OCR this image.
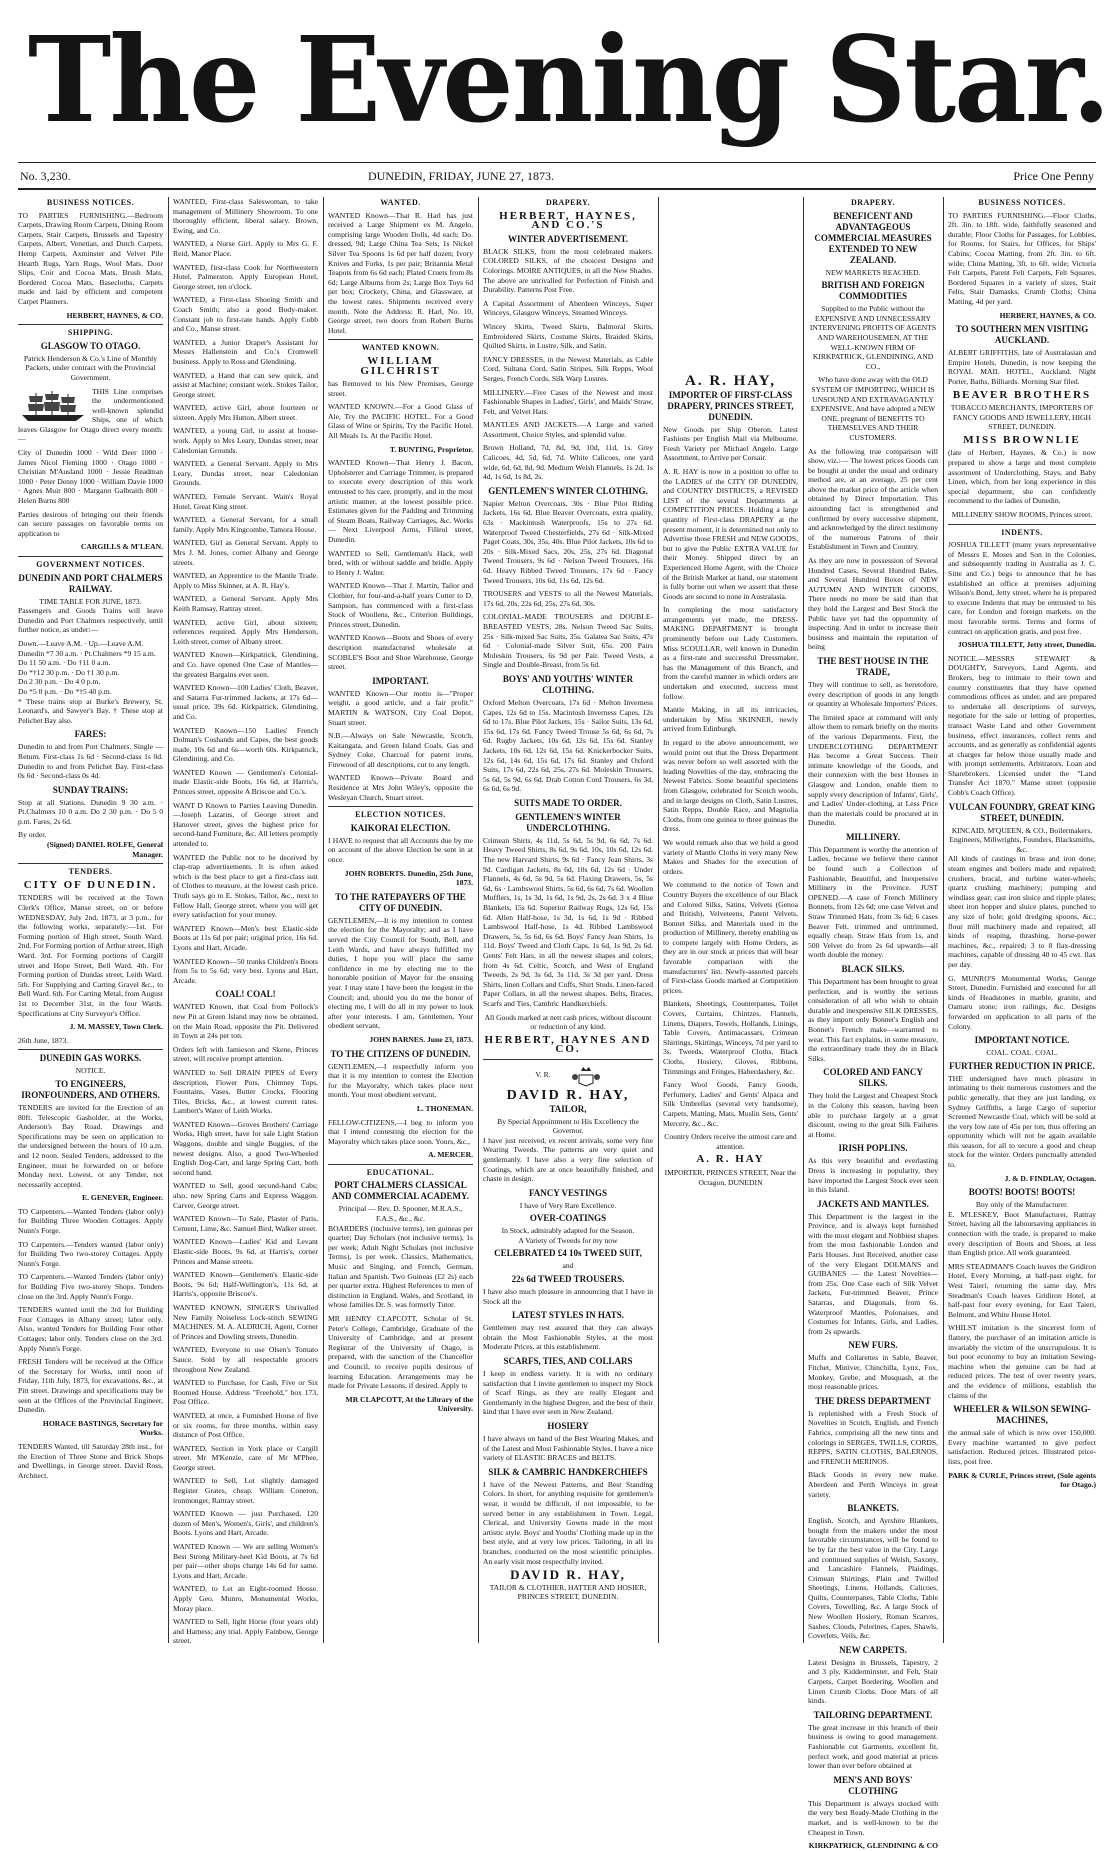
The Evening Star.
No. 3,230.	DUNEDIN, FRIDAY, JUNE 27, 1873.	Price One Penny
BUSINESS NOTICES.

TO PARTIES FURNISHING.—Bedroom Carpets, Drawing Room Carpets, Dining Room Carpets, Stair Carpets, Brussels and Tapestry Carpets, Albert, Venetian, and Dutch Carpets, Hemp Carpets, Axminster and Velvet Pile Hearth Rugs, Yarn Rugs, Wool Mats, Door Slips, Coir and Cocoa Mats, Brush Mats, Bordered Cocoa Mats, Basecloths, Carpets made and laid by efficient and competent Carpet Planners.

HERBERT, HAYNES, & CO.
SHIPPING.
GLASGOW TO OTAGO.

Patrick Henderson & Co.'s Line of Monthly Packets, under contract with the Provincial Government.

THIS Line comprises the undermentioned well-known splendid Ships, one of which leaves Glasgow for Otago direct every month:—

City of Dunedin 1000 · Wild Deer 1000 · James Nicol Fleming 1000 · Otago 1000 · Christian M'Ausland 1000 · Jessie Readman 1000 · Peter Denny 1000 · William Davie 1000 · Agnes Muir 800 · Margaret Galbraith 800 · Helen Burns 800

Parties desirous of bringing out their friends can secure passages on favorable terms on application to

CARGILLS & M'LEAN.
GOVERNMENT NOTICES.
DUNEDIN AND PORT CHALMERS RAILWAY.
TIME TABLE FOR JUNE, 1873.

Passengers and Goods Trains will leave Dunedin and Port Chalmers respectively, until further notice, as under:—

Down.—Leave A.M. · Up.—Leave A.M.

Dunedin *7 30 a.m. · Pt.Chalmers *9 15 a.m.

Do 11 50 a.m. · Do †11 0 a.m.

Do *†12 30 p.m. · Do †1 30 p.m.

Do 2 30 p.m. · Do 4 0 p.m.

Do *5 0 p.m. · Do *†5 40 p.m.

* These trains stop at Burke's Brewery, St. Leonard's, and Sawyer's Bay. † These stop at Pelichet Bay also.

FARES:

Dunedin to and from Port Chalmers. Single — Return. First-class 1s 6d · Second-class 1s 0d. Dunedin to and from Pelichet Bay. First-class 0s 6d · Second-class 0s 4d.

SUNDAY TRAINS:

Stop at all Stations. Dunedin 9 30 a.m. · Pt.Chalmers 10 0 a.m. Do 2 30 p.m. · Do 5 0 p.m. Fares, 2s 6d.

By order.
(Signed) DANIEL ROLFE, General Manager.
TENDERS.
CITY OF DUNEDIN.

TENDERS will be received at the Town Clerk's Office, Manse street, on or before WEDNESDAY, July 2nd, 1873, at 3 p.m., for the following works, separately:—1st. For Forming portion of High street, South Ward. 2nd. For Forming portion of Arthur street, High Ward. 3rd. For Forming portions of Cargill street and Hope Street, Bell Ward. 4th. For Forming portion of Dundas street, Leith Ward. 5th. For Supplying and Carting Gravel &c., to Bell Ward. 6th. For Carting Metal, from August 1st to December 31st, in the four Wards. Specifications at City Surveyor's Office.

J. M. MASSEY, Town Clerk.
26th June, 1873.
DUNEDIN GAS WORKS.
NOTICE.
TO ENGINEERS, IRONFOUNDERS, AND OTHERS.

TENDERS are invited for the Erection of an 80ft. Telescopic Gasholder, at the Works, Anderson's Bay Road. Drawings and Specifications may be seen on application to the undersigned between the hours of 10 a.m. and 12 noon. Sealed Tenders, addressed to the Engineer, must be forwarded on or before Monday next. Lowest, or any Tender, not necessarily accepted.

E. GENEVER, Engineer.

TO Carpenters.—Wanted Tenders (labor only) for Building Three Wooden Cottages. Apply Nunn's Forge.

TO Carpenters.—Tenders wanted (labor only) for Building Two two-storey Cottages. Apply Nunn's Forge.

TO Carpenters.—Wanted Tenders (labor only) for Building Five two-storey Shops. Tenders close on the 3rd. Apply Nunn's Forge.

TENDERS wanted until the 3rd for Building Four Cottages in Albany street; labor only. Also, wanted Tenders for Building Four other Cottages; labor only. Tenders close on the 3rd. Apply Nunn's Forge.

FRESH Tenders will be received at the Office of the Secretary for Works, until noon of Friday, 11th July, 1873, for excavations, &c., at Pitt street. Drawings and specifications may be seen at the Offices of the Provincial Engineer, Dunedin.

HORACE BASTINGS, Secretary for Works.

TENDERS Wanted, till Saturday 28th inst., for the Erection of Three Stone and Brick Shops and Dwellings, in George street. David Ross, Architect.

WANTED, First-class Saleswoman, to take management of Millinery Showroom. To one thoroughly efficient, liberal salary. Brown, Ewing, and Co.

WANTED, a Nurse Girl. Apply to Mrs G. F. Reid, Manor Place.

WANTED, first-class Cook for Northwestern Hotel, Palmerston. Apply European Hotel, George street, ten o'clock.

WANTED, a First-class Shoeing Smith and Coach Smith; also a good Body-maker. Constant job to first-rate hands. Apply Cobb and Co., Manse street.

WANTED, a Junior Draper's Assistant for Messrs Hallenstein and Co.'s Cromwell business. Apply to Ross and Glendining.

WANTED, a Hand that can sew quick, and assist at Machine; constant work. Stokes Tailor, George street.

WANTED, active Girl, about fourteen or sixteen. Apply Mrs Hutton, Albert street.

WANTED, a young Girl, to assist at house-work. Apply to Mrs Leary, Dundas street, near Caledonian Grounds.

WANTED, a General Servant. Apply to Mrs Leary, Dundas street, near Caledonian Grounds.

WANTED, Female Servant. Wain's Royal Hotel, Great King street.

WANTED, a General Servant, for a small family. Apply Mrs Kingcombe, Tamora House.

WANTED, Girl as General Servant. Apply to Mrs J. M. Jones, corner Albany and George streets.

WANTED, an Apprentice to the Mantle Trade. Apply to Miss Skinner, at A. R. Hay's.

WANTED, a General Servant. Apply Mrs Keith Ramsay, Rattray street.

WANTED, active Girl, about sixteen; references required. Apply Mrs Henderson, Leith street, corner of Albany street.

WANTED Known—Kirkpatrick, Glendining, and Co. have opened One Case of Mantles—the greatest Bargains ever seen.

WANTED Known—100 Ladies' Cloth, Beaver, and Satarra Fur-trimmed Jackets, at 17s 6d—usual price, 39s 6d. Kirkpatrick, Glendining, and Co.

WANTED Known—150 Ladies' French Dolman's Coshands and Capes, the best goods made, 10s 6d and 6s—worth 60s. Kirkpatrick, Glendining, and Co.

WANTED Known — Gentlemen's Celonial-made Elastic-side Boots, 16s 6d, at Harris's, Princes street, opposite A Briscoe and Co.'s.

WANT D Known to Parties Leaving Dunedin.—Joseph Lazarus, of George street and Hanover street, gives the highest price for second-hand Furniture, &c. All letters promptly attended to.

WANTED the Public not to be deceived by clap-trap advertisements. It is often asked which is the best place to get a first-class suit of Clothes to measure, at the lowest cash price. Truth says go to E. Stokes, Tailor, &c., next to Fellow Hall, George street, where you will get every satisfaction for your money.

WANTED Known—Men's best Elastic-side Boots at 11s 6d per pair; original price, 16s 6d. Lyons and Hart, Arcade.

WANTED Known—50 trunks Children's Boots from 5s to 5s 6d; very best. Lyons and Hart, Arcade.

COAL! COAL!

WANTED Known, that Coal from Pollock's new Pit at Green Island may now be obtained, on the Main Road, opposite the Pit. Delivered in Town at 24s per ton.

Orders left with Jamieson and Skene, Princes street, will receive prompt attention.

WANTED to Sell DRAIN PIPES of Every description, Flower Pots, Chimney Tops, Fountains, Vases, Butter Crocks, Flooring Tiles, Bricks, &c., at lowest current rates. Lambert's Water of Leith Works.

WANTED Known—Groves Brothers' Carriage Works, High street, have for sale Light Station Waggons, double and single Buggies, of the newest designs. Also, a good Two-Wheeled English Dog-Cart, and large Spring Cart, both second hand.

WANTED to Sell, good second-hand Cabs; also, new Spring Carts and Express Waggon. Carver, George street.

WANTED Known—To Sale, Plaster of Paris, Cement, Lime, &c. Samuel Bird, Walker street.

WANTED Known—Ladies' Kid and Levant Elastic-side Boots, 9s 6d, at Harris's, corner Princes and Manse streets.

WANTED Known—Gentlemen's Elastic-side Boots, 9s 6d; Half-Wellington's, 11s 6d, at Harris's, opposite Briscoe's.

WANTED KNOWN, SINGER'S Unrivalled New Family Noiseless Lock-stitch SEWING MACHINES. M. A. ALDRICH, Agent, Corner of Princes and Dowling streets, Dunedin.

WANTED, Everyone to use Olsen's Tomato Sauce. Sold by all respectable grocers throughout New Zealand.

WANTED to Purchase, for Cash, Five or Six Roomed House. Address "Freehold," box 173, Post Office.

WANTED, at once, a Furnished House of five or six rooms, for three months, within easy distance of Post Office.

WANTED, Section in York place or Cargill street. Mr M'Kenzie, care of Mr M'Phee, George street.

WANTED to Sell, Lot slightly damaged Register Grates, cheap. William Coneton, ironmonger, Rattray street.

WANTED Known — just Purchased, 120 dozen of Men's, Women's, Girls', and children's Boots. Lyons and Hart, Arcade.

WANTED Known — We are selling Women's Best Strong Military-heel Kid Boots, at 7s 6d per pair—other shops charge 14s 6d for same. Lyons and Hart, Arcade.

WANTED, to Let an Eight-roomed House. Apply Geo. Munro, Monumental Works, Moray place.

WANTED to Sell, light Horse (four years old) and Harness; any trial. Apply Fainbow, George street.

WANTED.

WANTED Known—That R. Harl has just received a Large Shipment ex M. Angelo, comprising large Wooden Dolls, 4d each; Do. dressed, 9d; Large China Tea Sets, 1s Nickel Silver Tea Spoons 1s 6d per half dozen; Ivory Knives and Forks, 1s per pair; Britannia Metal Teapots from 6s 6d each; Plated Cruets from 8s 6d; Large Albums from 2s; Large Box Toys 6d per box; Crockery, China, and Glassware, at the lowest rates. Shipments received every month. Note the Address: R. Harl, No. 10, George street, two doors from Robert Burns Hotel.

WANTED KNOWN.
WILLIAM GILCHRIST

has Removed to his New Premises, George street.

WANTED KNOWN.—For a Good Glass of Ale, Try the PACIFIC HOTEL. For a Good Glass of Wine or Spirits, Try the Pacific Hotel. All Meals 1s. At the Pacific Hotel.

T. BUNTING, Proprietor.

WANTED Known—That Henry J. Bacon, Upholsterer and Carriage Trimmer, is prepared to execute every description of this work entrusted to his care, promptly, and in the most artistic manner, at the lowest possible price. Estimates given for the Padding and Trimming of Steam Boats, Railway Carriages, &c. Works — Next Liverpool Arms, Filleul street, Dunedin.

WANTED to Sell, Gentleman's Hack, well bred, with or without saddle and bridle. Apply to Henry J. Walter.

WANTED Known—That J. Martin, Tailor and Clothier, for four-and-a-half years Cutter to D. Sampson, has commenced with a first-class Stock of Woollens, &c., Criterion Buildings, Princes street, Dunedin.

WANTED Known—Boots and Shoes of every description manufactured wholesale at SCOBLE'S Boot and Shoe Warehouse, George street.

IMPORTANT.

WANTED Known—Our motto is—"Proper weight, a good article, and a fair profit." MARTIN & WATSON, City Coal Depot, Stuart street.

N.B.—Always on Sale Newcastle, Scotch, Kaitangata, and Green Island Coals. Gas and Sydney Coke, Charcoal for patent irons, Firewood of all descriptions, cut to any length.

WANTED Known—Private Board and Residence at Mrs John Wiley's, opposite the Wesleyan Church, Stuart street.

ELECTION NOTICES.
KAIKORAI ELECTION.

I HAVE to request that all Accounts due by me on account of the above Election be sent in at once.

JOHN ROBERTS. Dunedin, 25th June, 1873.
TO THE RATEPAYERS OF THE CITY OF DUNEDIN.

GENTLEMEN,—It is my intention to contest the election for the Mayoralty; and as I have served the City Council for South, Bell, and Leith Wards, and have always fulfilled my duties, I hope you will place the same confidence in me by electing me to the honorable position of Mayor for the ensuing year. I may state I have been the longest in the Council; and, should you do me the honor of electing me, I will do all in my power to look after your interests. I am, Gentlemen, Your obedient servant,

JOHN BARNES. June 23, 1873.
TO THE CITIZENS OF DUNEDIN.

GENTLEMEN,—I respectfully inform you that it is my intention to contest the Election for the Mayoralty, which takes place next month. Your most obedient servant,

L. THONEMAN.

FELLOW-CITIZENS,—I beg to inform you that I intend contesting the election for the Mayoralty which takes place soon. Yours, &c.,

A. MERCER.
EDUCATIONAL.
PORT CHALMERS CLASSICAL AND COMMERCIAL ACADEMY.
Principal — Rev. D. Spooner, M.R.A.S., F.A.S., &c., &c.

BOARDERS (inclusive terms), ten guineas per quarter; Day Scholars (not inclusive terms), 1s per week; Adult Night Scholars (not inclusive Terms), 1s per week. Classics, Mathematics, Music and Singing, and French, German, Italian and Spanish. Two Guineas (£2 2s) each per quarter extra. Highest References to men of distinction in England, Wales, and Scotland, in whose families Dr. S. was formerly Tutor.

MR HENRY CLAPCOTT, Scholar of St. Peter's College, Cambridge, Graduate of the University of Cambridge, and at present Registrar of the University of Otago, is prepared, with the sanction of the Chancellor and Council, to receive pupils desirous of learning Education. Arrangements may be made for Private Lessons, if desired. Apply to

MR CLAPCOTT, At the Library of the University.
DRAPERY.
HERBERT, HAYNES, AND CO.'S
WINTER ADVERTISEMENT.

BLACK SILKS, from the most celebrated makers. COLORED SILKS, of the choicest Designs and Colorings. MOIRE ANTIQUES, in all the New Shades. The above are unrivalled for Perfection of Finish and Durability. Patterns Post Free.

A Capital Assortment of Aberdeen Winceys, Super Winceys, Glasgow Winceys, Steamed Winceys.

Wincey Skirts, Tweed Skirts, Balmoral Skirts, Embroidered Skirts, Costume Skirts, Braided Skirts, Quilted Skirts, in Lustre, Silk, and Satin.

FANCY DRESSES, in the Newest Materials, as Cable Cord, Sultana Cord, Satin Stripes, Silk Repps, Wool Serges, French Cords, Silk Warp Lustres.

MILLINERY.—Five Cases of the Newest and most Fashionable Shapes in Ladies', Girls', and Maids' Straw, Felt, and Velvet Hats.

MANTLES AND JACKETS.—A Large and varied Assortment, Choice Styles, and splendid value.

Brown Holland, 7d, 8d, 9d, 10d, 11d, 1s. Grey Calicoes, 4d, 5d, 6d, 7d. White Calicoes, one yard wide, 6d, 6d, 8d, 9d. Medium Welsh Flannels, 1s 2d, 1s 4d, 1s 6d, 1s 8d, 2s.

GENTLEMEN'S WINTER CLOTHING.

Napier Melton Overcoats, 30s · Blue Pilot Riding Jackets, 16s 6d. Blue Beaver Overcoats, extra quality, 63s · Mackintosh Waterproofs, 15s to 27s 6d. Waterproof Tweed Chesterfields, 27s 6d · Silk-Mixed Paget Coats, 30s, 35s, 40s. Blue Pilot Jackets, 10s 6d to 20s · Silk-Mixed Sacs, 20s, 25s, 27s 6d. Diagonal Tweed Trousers, 9s 6d · Nelson Tweed Trousers, 16s 6d. Heavy Ribbed Tweed Trousers, 17s 6d · Fancy Tweed Trousers, 10s 6d, 11s 6d, 12s 6d.

TROUSERS and VESTS to all the Newest Materials, 17s 6d, 20s, 22s 6d, 25s, 27s 6d, 30s.

COLONIAL-MADE TROUSERS and DOUBLE-BREASTED VESTS, 28s. Nelson Tweed Sac Suits, 25s · Silk-mixed Sac Suits, 35s. Galatea Sac Suits, 47s 6d · Colonial-made Silver Suit, 65s. 200 Pairs Moleskin Trousers, 6s 9d per Pair. Tweed Vests, a Single and Double-Breast, from 5s 6d.

BOYS' AND YOUTHS' WINTER CLOTHING.

Oxford Melton Overcoats, 17s 6d · Melton Inverness Capes, 12s 6d to 15s. Macintosh Inverness Capes, 12s 6d to 17s. Blue Pilot Jackets, 15s · Sailor Suits, 13s 6d, 15s 6d, 17s 6d. Fancy Tweed Trouse 5s 6d, 6s 6d, 7s 6d. Rugby Jackets, 10s 6d, 12s 6d, 15s 6d. Stanley Jackets, 10s 6d, 12s 6d, 15s 6d. Knickerbocker Suits, 12s 6d, 14s 6d, 15s 6d, 17s 6d. Stanley and Oxford Suits, 17s 6d, 22s 6d, 25s, 27s 6d. Moleskin Trousers, 5s 6d, 5s 9d, 6s 6d. Drab Cotton Cord Trousers, 6s 3d, 6s 6d, 6s 9d.

SUITS MADE TO ORDER.
GENTLEMEN'S WINTER UNDERCLOTHING.

Crimean Shirts, 4s 11d, 5s 6d, 5s 9d, 6s 6d, 7s 6d. Heavy Tweed Shirts, 8s 6d, 9s 6d, 10s, 10s 6d, 12s 6d. The new Harvard Shirts, 9s 6d · Fancy Jean Shirts, 3s 9d. Cardigan Jackets, 8s 6d, 10s 6d, 12s 6d · Under Flannels, 4s 6d, 5s 9d, 5s 6d. Flaxing Drawers, 5s, 5s 6d, 6s · Lambswool Shirts, 5s 6d, 6s 6d, 7s 6d. Woollen Mufflers, 1s, 1s 3d, 1s 6d, 1s 9d, 2s, 2s 6d. 3 x 4 Blue Blankets, 15s 6d. Superior Railway Rugs, 12s 6d, 15s 6d. Allen Half-hose, 1s 3d, 1s 6d, 1s 9d · Ribbed Lambswool Half-hose, 1s 4d. Ribbed Lambswool Drawers, 5s, 5s 6d, 6s 6d. Boys' Fancy Jean Shirts, 1s 11d. Boys' Tweed and Cloth Caps, 1s 6d, 1s 9d, 2s 6d. Gents' Felt Hats, in all the newest shapes and colors, from 4s 6d. Celtic, Scotch, and West of England Tweeds, 2s 9d, 3s 6d, 3s 11d, 3s 3d per yard. Dress Shirts, linen Collars and Cuffs, Shirt Studs. Linen-faced Paper Collars, in all the newest shapes. Belts, Braces, Scarfs and Ties, Cambric Handkerchiefs.

All Goods marked at nett cash prices, without discount or reduction of any kind.

HERBERT, HAYNES AND CO.
V. R.
DAVID R. HAY,
TAILOR,
By Special Appointment to His Excellency the Governor.

I have just received, ex recent arrivals, some very fine Wearing Tweeds. The patterns are very quiet and gentlemanly. I have also a very fine selection of Coatings, which are at once beautifully finished, and chaste in design.

FANCY VESTINGS
I have of Very Rare Excellence.
OVER-COATINGS
In Stock, admirably adapted for the Season.
A Variety of Tweeds for my now
CELEBRATED £4 10s TWEED SUIT,
and
22s 6d TWEED TROUSERS.

I have also much pleasure in announcing that I have in Stock all the

LATEST STYLES IN HATS.

Gentlemen may rest assured that they can always obtain the Most Fashionable Styles, at the most Moderate Prices, at this establishment.

SCARFS, TIES, AND COLLARS

I keep in endless variety. It is with no ordinary satisfaction that I invite gentlemen to inspect my Stock of Scarf Rings, as they are really Elegant and Gentlemanly in the highest Degree, and the best of their kind that I have ever seen in New Zealand.

HOSIERY

I have always on hand of the Best Wearing Makes, and of the Latest and Most Fashionable Styles. I have a nice variety of ELASTIC BRACES and BELTS.

SILK & CAMBRIC HANDKERCHIEFS

I have of the Newest Patterns, and Best Standing Colors. In short, for anything requisite for gentlemen's wear, it would be difficult, if not impossible, to be served better in any establishment in Town. Legal, Clerical, and University Gowns made in the most artistic style. Boys' and Youths' Clothing made up in the best style, and at very low prices. Tailoring, in all its branches, conducted on the most scientific principles. An early visit most respectfully invited.

DAVID R. HAY,
TAILOR & CLOTHIER, HATTER AND HOSIER, PRINCES STREET, DUNEDIN.
A. R. HAY,
IMPORTER OF FIRST-CLASS DRAPERY, PRINCES STREET, DUNEDIN.

New Goods per Ship Oberon. Latest Fashions per English Mail via Melbourne. Fresh Variety per Michael Angelo. Large Assortment, to Arrive per Corsair.

A. R. HAY is now in a position to offer to the LADIES of the CITY OF DUNEDIN, and COUNTRY DISTRICTS, a REVISED LIST of the several Departments at COMPETITION PRICES. Holding a large quantity of First-class DRAPERY at the present moment, it is determined not only to Advertise those FRESH and NEW GOODS, but to give the Public EXTRA VALUE for their Money. Shipped direct by an Experienced Home Agent, with the Choice of the British Market at hand, our statement is fully borne out when we assert that these Goods are second to none in Australasia.

In completing the most satisfactory arrangements yet made, the DRESS-MAKING DEPARTMENT is brought prominently before our Lady Customers. Miss SCOULLAR, well known in Dunedin as a first-rate and successful Dressmaker, has the Management of this Branch, and from the careful manner in which orders are undertaken and executed, success must follow.

Mantle Making, in all its intricacies, undertaken by Miss SKINNER, newly arrived from Edinburgh.

In regard to the above announcement, we would point out that the Dress Department was never before so well assorted with the leading Novelties of the day, embracing the Newest Fabrics. Some beautiful specimens from Glasgow, celebrated for Scotch wools, and in large designs on Cloth, Satin Lustres, Satin Repps, Double Race, and Magnolia Cloths, from one guinea to three guineas the dress.

We would remark also that we hold a good variety of Mantle Cloths in very many New Makes and Shades for the execution of orders.

We commend to the notice of Town and Country Buyers the excellence of our Black and Colored Silks, Satins, Velvets (Genoa and British), Velveteens, Patent Velvets, Bonnet Silks, and Materials used in the production of Millinery, thereby enabling us to compete largely with Home Orders, as they are in our stock at prices that will bear favorable comparison with the manufacturers' list. Newly-assorted parcels of First-class Goods marked at Competition prices.

Blankets, Sheetings, Counterpanes, Toilet Covers, Curtains, Chintzes, Flannels, Linens, Diapers, Towels, Hollands, Linings, Table Covers, Antimacassars, Crimean Shirtings, Skirtings, Winceys, 7d per yard to 3s. Tweeds, Waterproof Cloths, Black Cloths, Hosiery, Gloves, Ribbons, Trimmings and Fringes, Haberdashery, &c.

Fancy Wool Goods, Fancy Goods, Perfumery, Ladies' and Gents' Alpaca and Silk Umbrellas (several very handsome), Carpets, Matting, Mats, Muslin Sets, Gents' Mercery, &c., &c.

Country Orders receive the utmost care and attention.

A. R. HAY
IMPORTER, PRINCES STREET, Near the Octagon, DUNEDIN
DRAPERY.
BENEFICENT AND ADVANTAGEOUS COMMERCIAL MEASURES EXTENDED TO NEW ZEALAND.
NEW MARKETS REACHED.
BRITISH AND FOREIGN COMMODITIES

Supplied to the Public without the EXPENSIVE AND UNNECESSARY INTERVENING PROFITS OF AGENTS AND WAREHOUSEMEN, AT THE WELL-KNOWN FIRM OF KIRKPATRICK, GLENDINING, AND CO.,

Who have done away with the OLD SYSTEM OF IMPORTING, WHICH IS UNSOUND AND EXTRAVAGANTLY EXPENSIVE, And have adopted a NEW ONE, pregnant of BENEFITS TO THEMSELVES AND THEIR CUSTOMERS.

As the following true comparison will show, viz.:— The lowest prices Goods can be bought at under the usual and ordinary method are, at an average, 25 per cent above the market price of the article when obtained by Direct Importation. This astounding fact is strengthened and confirmed by every successive shipment, and acknowledged by the direct testimony of the numerous Patrons of their Establishment in Town and Country.

As they are now in possession of Several Hundred Cases, Several Hundred Bales, and Several Hundred Boxes of NEW AUTUMN AND WINTER GOODS, There needs no more be said than that they hold the Largest and Best Stock the Public have yet had the opportunity of inspecting. And in order to increase their business and maintain the reputation of being

THE BEST HOUSE IN THE TRADE,

They will continue to sell, as heretofore, every description of goods in any length or quantity at Wholesale Importers' Prices.

The limited space at command will only allow them to remark briefly on the merits of the various Departments. First, the UNDERCLOTHING DEPARTMENT Has become a Great Success. Their intimate knowledge of the Goods, and their connexion with the best Houses in Glasgow and London, enable them to supply every description of Infants', Girls', and Ladies' Under-clothing, at Less Price than the materials could be procured at in Dunedin.

MILLINERY.

This Department is worthy the attention of Ladies, because we believe there cannot be found such a Collection of Fashionable, Beautiful, and Inexpensive Millinery in the Province. JUST OPENED.—A case of French Millinery Bonnets, from 12s 6d; one case Velvet and Straw Trimmed Hats, from 3s 6d; 6 cases Beaver Felt, trimmed and untrimmed, equally cheap. Straw Hats from 1s, and 500 Velvet do from 2s 6d upwards—all worth double the money.

BLACK SILKS.

This Department has been brought to great perfection, and is worthy the serious consideration of all who wish to obtain durable and inexpensive SILK DRESSES, as they import only Bonnet's English and Bonnet's French make—warranted to wear. This fact explains, in some measure, the extraordinary trade they do in Black Silks.

COLORED AND FANCY SILKS.

They hold the Largest and Cheapest Stock in the Colony this season, having been able to purchase largely at a great discount, owing to the great Silk Failures at Home.

IRISH POPLINS.

As this very beautiful and everlasting Dress is increasing in popularity, they have imported the Largest Stock ever seen in this Island.

JACKETS AND MANTLES.

This Department is the largest in the Province, and is always kept furnished with the most elegant and Nobbiest shapes from the most fashionable London and Paris Houses. Just Received, another case of the very Elegant DOLMANS and GUIBANES — the Latest Novelties—from 25s. One Case each of Silk Velvet Jackets, Fur-trimmed Beaver, Prince Satarras, and Diagonals, from 6s. Waterproof Mantles, Polonaises, and Costumes for Infants, Girls, and Ladies, from 2s upwards.

NEW FURS.

Muffs and Collarettes in Sable, Beaver, Fitchet, Miniver, Chinchilla, Lynx, Fox, Monkey, Grebe, and Musquash, at the most reasonable prices.

THE DRESS DEPARTMENT

Is replenished with a Fresh Stock of Novelties in Scotch, English, and French Fabrics, comprising all the new tints and colorings in SERGES, TWILLS, CORDS, REPPS, SATIN CLOTHS, BALERNOS, and FRENCH MERINOS.

Black Goods in every new make. Aberdeen and Perth Winceys in great variety.

BLANKETS.

English, Scotch, and Ayrshire Blankets, bought from the makers under the most favorable circumstances, will be found to be by far the best value in the City. Large and continued supplies of Welsh, Saxony, and Lancashire Flannels, Plaidings, Crimean Shirtings, Plain and Twilled Sheetings, Linens, Hollands, Calicoes, Quilts, Counterpanes, Table Cloths, Table Covers, Towelling, &c. A large Stock of New Woollen Hosiery, Roman Scarves, Sashes, Clouds, Pelerines, Capes, Shawls, Coverlets, Veils, &c.

NEW CARPETS.

Latest Designs in Brussels, Tapestry, 2 and 3 ply, Kidderminster, and Felt, Stair Carpets, Carpet Bordering, Woollen and Linen Crumb Cloths. Door Mats of all kinds.

TAILORING DEPARTMENT.

The great increase in this branch of their business is owing to good management. Fashionable cut Garments, excellent fit, perfect work, and good material at prices lower than ever before obtained at

MEN'S AND BOYS' CLOTHING

This Department is always stocked with the very best Ready-Made Clothing in the market, and is well-known to be the Cheapest in Town.

KIRKPATRICK, GLENDINING & CO
BUSINESS NOTICES.

TO PARTIES FURNISHING.—Floor Cloths, 2ft. 3in. to 18ft. wide, faithfully seasoned and durable; Floor Cloths for Passages, for Lobbies, for Rooms, for Stairs, for Offices, for Ships' Cabins; Cocoa Matting, from 2ft. 3in. to 6ft. wide; China Matting, 3ft. to 6ft. wide; Victoria Felt Carpets, Parent Felt Carpets, Felt Squares, Bordered Squares in a variety of sizes, Stair Felts, Stair Damasks, Crumb Cloths; China Matting, 4d per yard.

HERBERT, HAYNES, & CO.
TO SOUTHERN MEN VISITING AUCKLAND.

ALBERT GRIFFITHS, late of Australasian and Empire Hotels, Dunedin, is now keeping the ROYAL MAIL HOTEL, Auckland. Night Porter, Baths, Billiards. Morning Star filed.

BEAVER BROTHERS

TOBACCO MERCHANTS, IMPORTERS OF FANCY GOODS AND JEWELLERY, HIGH STREET, DUNEDIN.

MISS BROWNLIE

(late of Herbert, Haynes, & Co.) is now prepared to show a large and most complete assortment of Underclothing, Stays, and Baby Linen, which, from her long experience in this special department, she can confidently recommend to the ladies of Dunedin.

MILLINERY SHOW ROOMS, Princes street.
INDENTS.

JOSHUA TILLETT (many years representative of Messrs E. Moses and Son in the Colonies, and subsequently trading in Australia as J. C. Sitte and Co.) begs to announce that he has established an office at premises adjoining Wilson's Bond, Jetty street, where he is prepared to execute Indents that may be entrusted to his care, for London and foreign markets, on the most favorable terms. Terms and forms of contract on application gratis, and post free.

JOSHUA TILLETT, Jetty street, Dunedin.

NOTICE.—MESSRS STEWART & DOUGHTY, Surveyors, Land Agents, and Brokers, beg to intimate to their town and country constituents that they have opened commodious offices as under, and are prepared to undertake all descriptions of surveys, negotiate for the sale or letting of properties, transact Waste Land and other Government business, effect insurances, collect rents and accounts, and as generally as confidential agents at charges far below those usually made and with prompt settlements. Arbitrators, Loan and Sharebrokers. Licensed under the "Land Transfer Act 1870." Manse street (opposite Cobb's Coach Office).

VULCAN FOUNDRY, GREAT KING STREET, DUNEDIN.
KINCAID, M'QUEEN, & CO., Boilermakers, Engineers, Millwrights, Founders, Blacksmiths, &c.

All kinds of castings in brass and iron done; steam engines and boilers made and repaired; crushers, bracal, and turbine water-wheels; quartz crushing machinery; pumping and windlass gear; cast iron sluice and ripple plates; sheet iron hopper and sluice plates, punched to any size of hole; gold dredging spoons, &c.; flour mill machinery made and repaired; all kinds of reaping, thrashing, horse-power machines, &c., repaired; 3 to 8 flax-dressing machines, capable of dressing 40 to 45 cwt. flax per day.

G. MUNRO'S Monumental Works, George Street, Dunedin. Furnished and executed for all kinds of Headstones in marble, granite, and Oamaru stone; iron railings, &c. Designs forwarded on application to all parts of the Colony.

IMPORTANT NOTICE.
COAL. COAL. COAL.
FURTHER REDUCTION IN PRICE.

THE undersigned have much pleasure in intimating to their numerous customers and the public generally, that they are just landing, ex Sydney Griffiths, a large Cargo of superior Screened Newcastle Coal, which will be sold at the very low rate of 45s per ton, thus offering an opportunity which will not be again available this season, for all to secure a good and cheap stock for the winter. Orders punctually attended to.

J. & D. FINDLAY, Octagon.
BOOTS! BOOTS! BOOTS!
Buy only of the Manufacturer.

E. M'LESKEY, Boot Manufacturer, Rattray Street, having all the laboursaving appliances in connection with the trade, is prepared to make every description of Boots and Shoes, at less than English price. All work guaranteed.

MRS STEADMAN'S Coach leaves the Gridiron Hotel, Every Morning, at half-past eight, for West Taieri, returning the same day. Mrs Steadman's Coach leaves Gridiron Hotel, at half-past four every evening, for East Taieri, Belmont, and White House Hotel.

WHILST imitation is the sincerest form of flattery, the purchaser of an imitation article is invariably the victim of the unscrupulous. It is but poor economy to buy an imitation Sewing-machine when the genuine can be had at reduced prices. The test of over twenty years, and the evidence of millions, establish the claims of the

WHEELER & WILSON SEWING-MACHINES,

the annual sale of which is now over 150,000. Every machine warranted to give perfect satisfaction. Reduced prices. Illustrated price-lists, post free.

PARK & CURLE, Princes street, (Sole agents for Otago.)
